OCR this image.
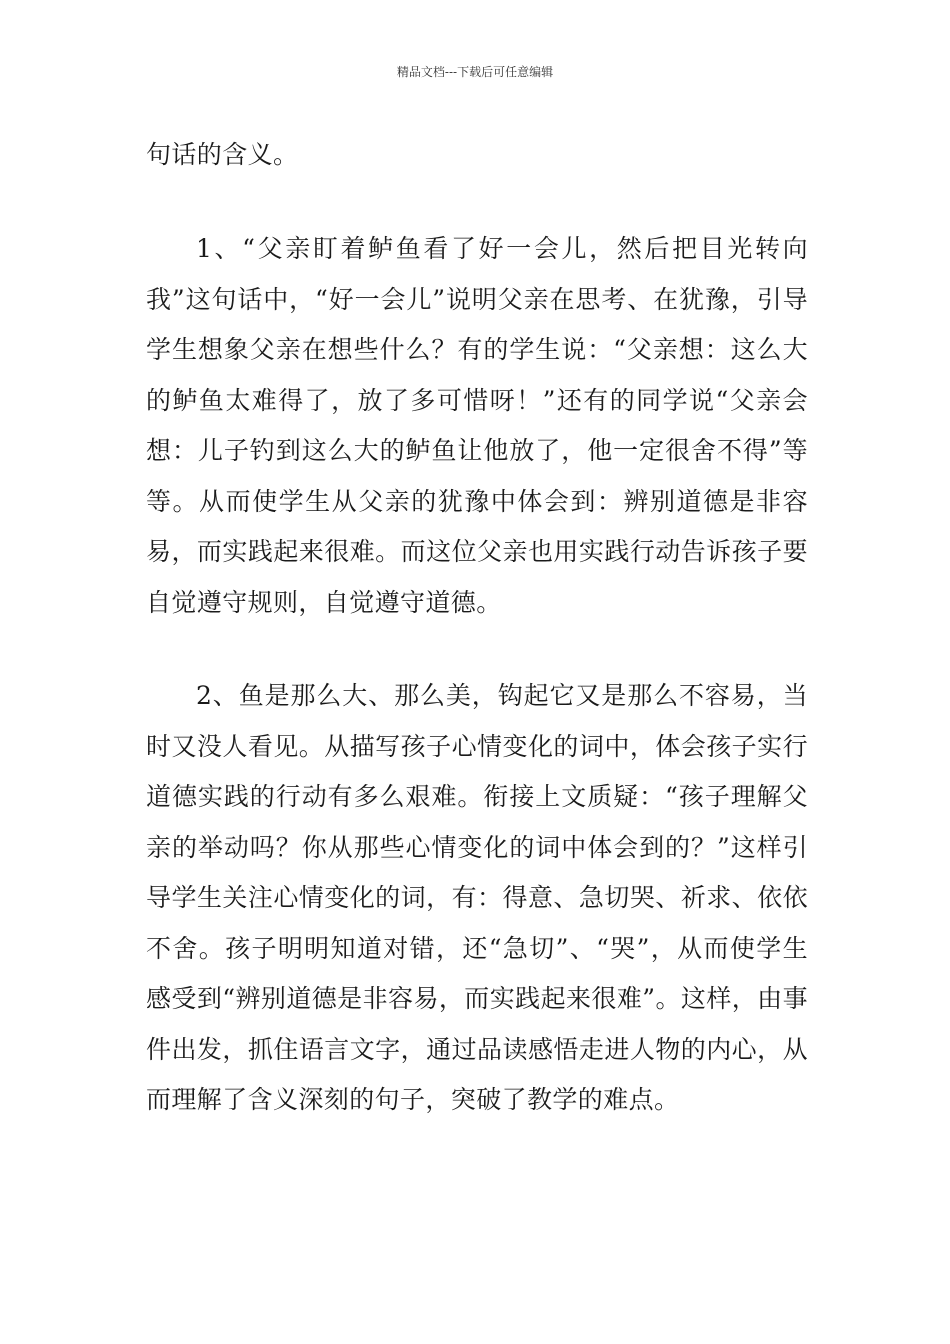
精品文档---下载后可任意编辑

句话的含义。

1、“父亲盯着鲈鱼看了好一会儿，然后把目光转向我”这句话中，“好一会儿”说明父亲在思考、在犹豫，引导学生想象父亲在想些什么？有的学生说：“父亲想：这么大的鲈鱼太难得了，放了多可惜呀！”还有的同学说“父亲会想：儿子钓到这么大的鲈鱼让他放了，他一定很舍不得”等等。从而使学生从父亲的犹豫中体会到：辨别道德是非容易，而实践起来很难。而这位父亲也用实践行动告诉孩子要自觉遵守规则，自觉遵守道德。

2、鱼是那么大、那么美，钩起它又是那么不容易，当时又没人看见。从描写孩子心情变化的词中，体会孩子实行道德实践的行动有多么艰难。衔接上文质疑：“孩子理解父亲的举动吗？你从那些心情变化的词中体会到的？”这样引导学生关注心情变化的词，有：得意、急切哭、祈求、依依不舍。孩子明明知道对错，还“急切”、“哭”，从而使学生感受到“辨别道德是非容易，而实践起来很难”。这样，由事件出发，抓住语言文字，通过品读感悟走进人物的内心，从而理解了含义深刻的句子，突破了教学的难点。
